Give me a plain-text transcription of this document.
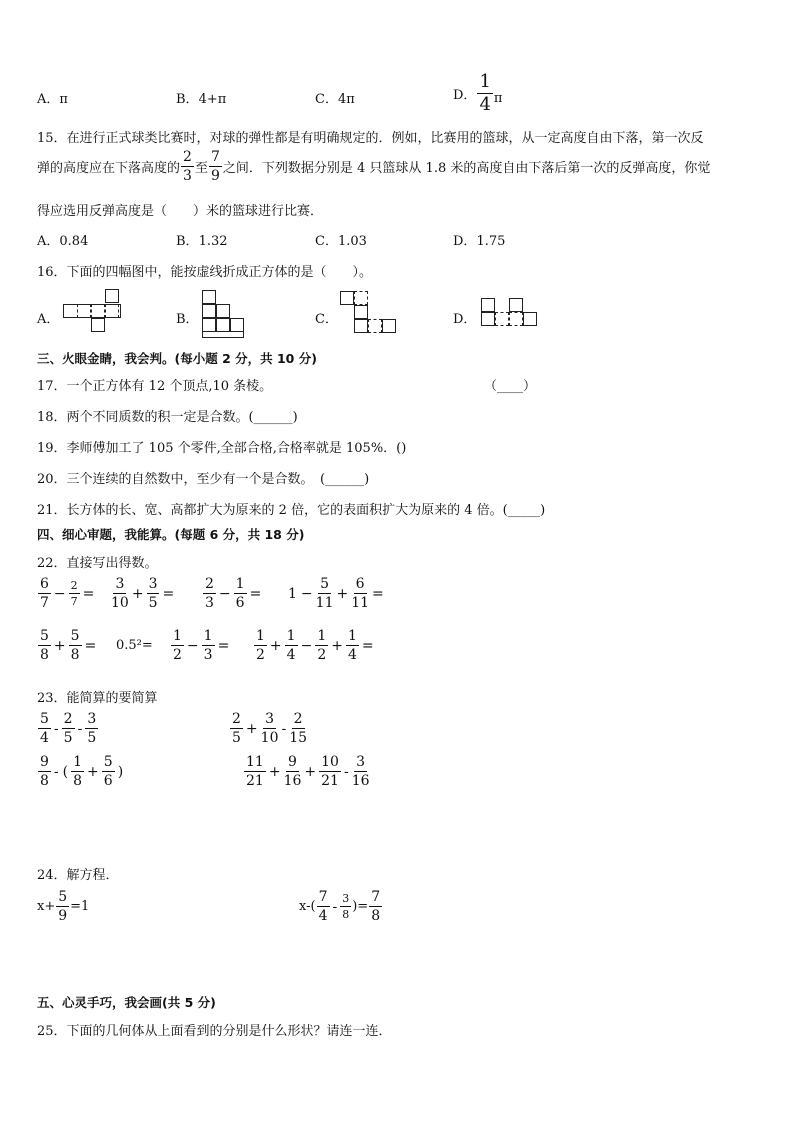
A．π	B．4+π	C．4π	D． $\frac{1}{4}$ π
15．在进行正式球类比赛时，对球的弹性都是有明确规定的．例如，比赛用的篮球，从一定高度自由下落，第一次反
弹的高度应在下落高度的 $\frac{2}{3}$ 至 $\frac{7}{9}$ 之间．下列数据分别是 4 只篮球从 1.8 米的高度自由下落后第一次的反弹高度，你觉
得应选用反弹高度是（　　）米的篮球进行比赛．
A．0.84	B．1.32	C．1.03	D．1.75
16．下面的四幅图中，能按虚线折成正方体的是（　　）。
A．	B．	C．	D．
三、火眼金睛，我会判。(每小题 2 分，共 10 分)
17．一个正方体有 12 个顶点,10 条棱。	（____）
18．两个不同质数的积一定是合数。(______)
19．李师傅加工了 105 个零件,全部合格,合格率就是 105%．()
20．三个连续的自然数中，至少有一个是合数。　(______)
21．长方体的长、宽、高都扩大为原来的 2 倍，它的表面积扩大为原来的 4 倍。(_____)
四、细心审题，我能算。(每题 6 分，共 18 分)
22．直接写出得数。
$\frac{6}{7} - \frac{2}{7} = \frac{3}{10} + \frac{3}{5} = \frac{2}{3} - \frac{1}{6} = 1 - \frac{5}{11} + \frac{6}{11}$ =
$\frac{5}{8} + \frac{5}{8} = 0.5^2= \frac{1}{2} - \frac{1}{3} = \frac{1}{2} + \frac{1}{4} - \frac{1}{2} + \frac{1}{4}$ =
23．能简算的要简算
$\frac{5}{4} - \frac{2}{5} - \frac{3}{5}$	$\frac{2}{5} + \frac{3}{10} - \frac{2}{15}$
$\frac{9}{8}$ - ( $\frac{1}{8} + \frac{5}{6}$ )	$\frac{11}{21} + \frac{9}{16} + \frac{10}{21} - \frac{3}{16}$
24．解方程．
$x+ \frac{5}{9} =1$	$x-( \frac{7}{4} - \frac{3}{8}$ )= $\frac{7}{8}$
五、心灵手巧，我会画(共 5 分)
25．下面的几何体从上面看到的分别是什么形状？请连一连．
